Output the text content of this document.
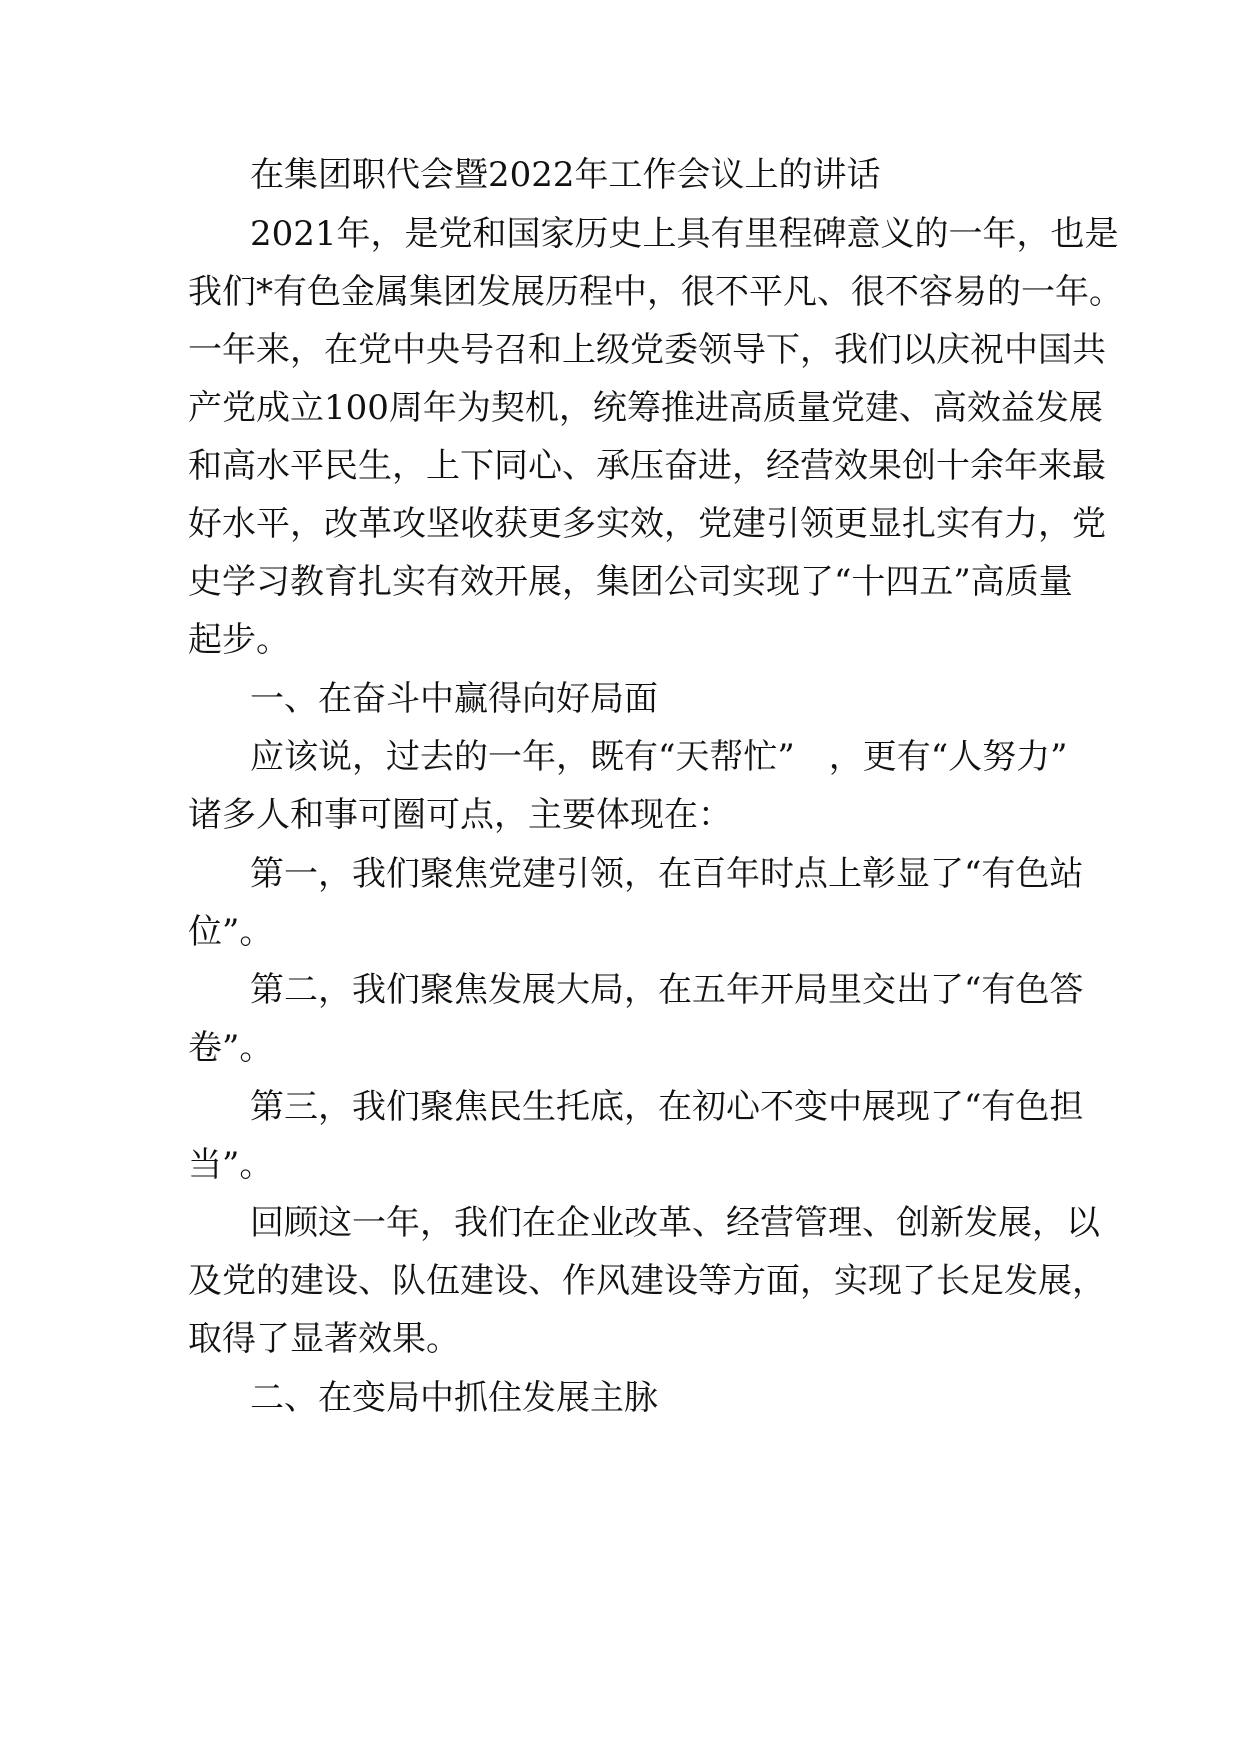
在集团职代会暨2022年工作会议上的讲话
2021年，是党和国家历史上具有里程碑意义的一年，也是
我们*有色金属集团发展历程中，很不平凡、很不容易的一年。
一年来，在党中央号召和上级党委领导下，我们以庆祝中国共
产党成立100周年为契机，统筹推进高质量党建、高效益发展
和高水平民生，上下同心、承压奋进，经营效果创十余年来最
好水平，改革攻坚收获更多实效，党建引领更显扎实有力，党
史学习教育扎实有效开展，集团公司实现了“十四五”高质量
起步。
一、在奋斗中赢得向好局面
应该说，过去的一年，既有“天帮忙”　，更有“人努力”
诸多人和事可圈可点，主要体现在：
第一，我们聚焦党建引领，在百年时点上彰显了“有色站
位”。
第二，我们聚焦发展大局，在五年开局里交出了“有色答
卷”。
第三，我们聚焦民生托底，在初心不变中展现了“有色担
当”。
回顾这一年，我们在企业改革、经营管理、创新发展，以
及党的建设、队伍建设、作风建设等方面，实现了长足发展，
取得了显著效果。
二、在变局中抓住发展主脉
